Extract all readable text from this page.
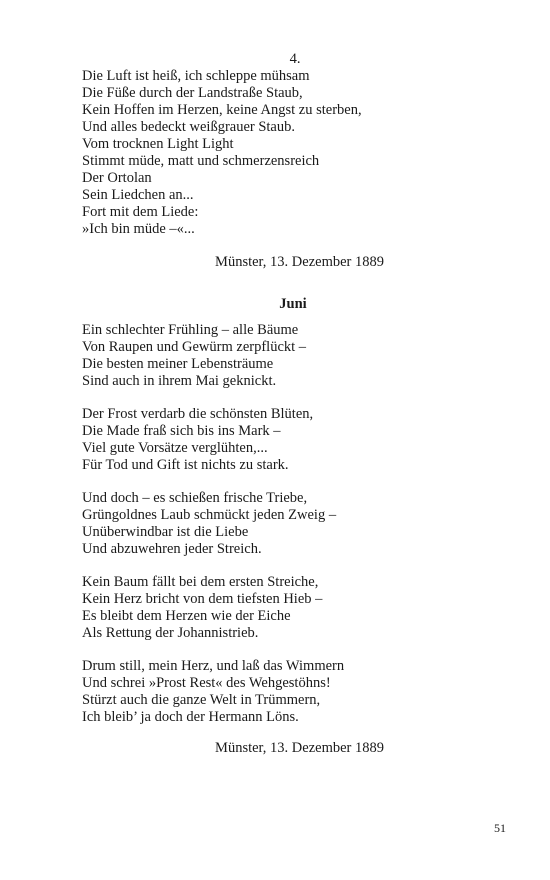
4.
Die Luft ist heiß, ich schleppe mühsam
Die Füße durch der Landstraße Staub,
Kein Hoffen im Herzen, keine Angst zu sterben,
Und alles bedeckt weißgrauer Staub.
Vom trocknen Light Light
Stimmt müde, matt und schmerzensreich
Der Ortolan
Sein Liedchen an...
Fort mit dem Liede:
»Ich bin müde –«...
Münster, 13. Dezember 1889
Juni
Ein schlechter Frühling – alle Bäume
Von Raupen und Gewürm zerpflückt –
Die besten meiner Lebensträume
Sind auch in ihrem Mai geknickt.
Der Frost verdarb die schönsten Blüten,
Die Made fraß sich bis ins Mark –
Viel gute Vorsätze verglühten,...
Für Tod und Gift ist nichts zu stark.
Und doch – es schießen frische Triebe,
Grüngoldnes Laub schmückt jeden Zweig –
Unüberwindbar ist die Liebe
Und abzuwehren jeder Streich.
Kein Baum fällt bei dem ersten Streiche,
Kein Herz bricht von dem tiefsten Hieb –
Es bleibt dem Herzen wie der Eiche
Als Rettung der Johannistrieb.
Drum still, mein Herz, und laß das Wimmern
Und schrei »Prost Rest« des Wehgestöhns!
Stürzt auch die ganze Welt in Trümmern,
Ich bleib’ ja doch der Hermann Löns.
Münster, 13. Dezember 1889
51
